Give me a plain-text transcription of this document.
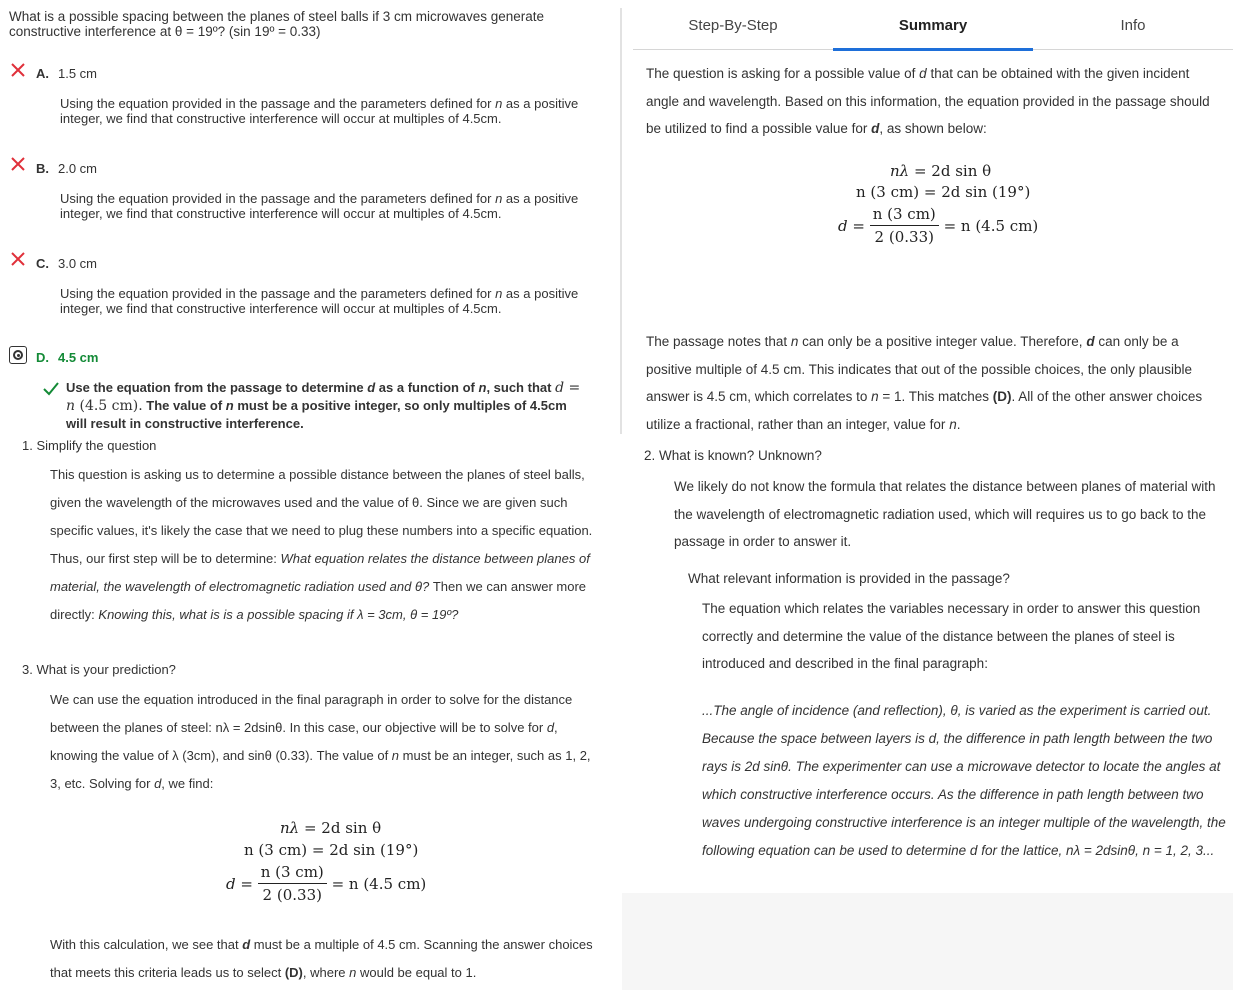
What is a possible spacing between the planes of steel balls if 3 cm microwaves generate constructive interference at θ = 19º? (sin 19º = 0.33)
A. 1.5 cm
Using the equation provided in the passage and the parameters defined for n as a positive integer, we find that constructive interference will occur at multiples of 4.5cm.
B. 2.0 cm
Using the equation provided in the passage and the parameters defined for n as a positive integer, we find that constructive interference will occur at multiples of 4.5cm.
C. 3.0 cm
Using the equation provided in the passage and the parameters defined for n as a positive integer, we find that constructive interference will occur at multiples of 4.5cm.
D. 4.5 cm
Use the equation from the passage to determine d as a function of n, such that d = n (4.5 cm). The value of n must be a positive integer, so only multiples of 4.5cm will result in constructive interference.
1. Simplify the question
This question is asking us to determine a possible distance between the planes of steel balls, given the wavelength of the microwaves used and the value of θ. Since we are given such specific values, it's likely the case that we need to plug these numbers into a specific equation. Thus, our first step will be to determine: What equation relates the distance between planes of material, the wavelength of electromagnetic radiation used and θ? Then we can answer more directly: Knowing this, what is is a possible spacing if λ = 3cm, θ = 19º?
3. What is your prediction?
We can use the equation introduced in the final paragraph in order to solve for the distance between the planes of steel: nλ = 2dsinθ. In this case, our objective will be to solve for d, knowing the value of λ (3cm), and sinθ (0.33). The value of n must be an integer, such as 1, 2, 3, etc. Solving for d, we find:
nλ = 2d sin θ
n (3 cm) = 2d sin (19°)
$d = \frac{n (3 cm)}{2 (0.33)} = n$ (4.5 cm)
With this calculation, we see that d must be a multiple of 4.5 cm. Scanning the answer choices that meets this criteria leads us to select (D), where n would be equal to 1.
Step-By-Step	Summary	Info
The question is asking for a possible value of d that can be obtained with the given incident angle and wavelength. Based on this information, the equation provided in the passage should be utilized to find a possible value for d, as shown below:
nλ = 2d sin θ
n (3 cm) = 2d sin (19°)
$d = \frac{n (3 cm)}{2 (0.33)} = n$ (4.5 cm)
The passage notes that n can only be a positive integer value. Therefore, d can only be a positive multiple of 4.5 cm. This indicates that out of the possible choices, the only plausible answer is 4.5 cm, which correlates to n = 1. This matches (D). All of the other answer choices utilize a fractional, rather than an integer, value for n.
2. What is known? Unknown?
We likely do not know the formula that relates the distance between planes of material with the wavelength of electromagnetic radiation used, which will requires us to go back to the passage in order to answer it.
What relevant information is provided in the passage?
The equation which relates the variables necessary in order to answer this question correctly and determine the value of the distance between the planes of steel is introduced and described in the final paragraph:
...The angle of incidence (and reflection), θ, is varied as the experiment is carried out. Because the space between layers is d, the difference in path length between the two rays is 2d sinθ. The experimenter can use a microwave detector to locate the angles at which constructive interference occurs. As the difference in path length between two waves undergoing constructive interference is an integer multiple of the wavelength, the following equation can be used to determine d for the lattice, nλ = 2dsinθ, n = 1, 2, 3...
